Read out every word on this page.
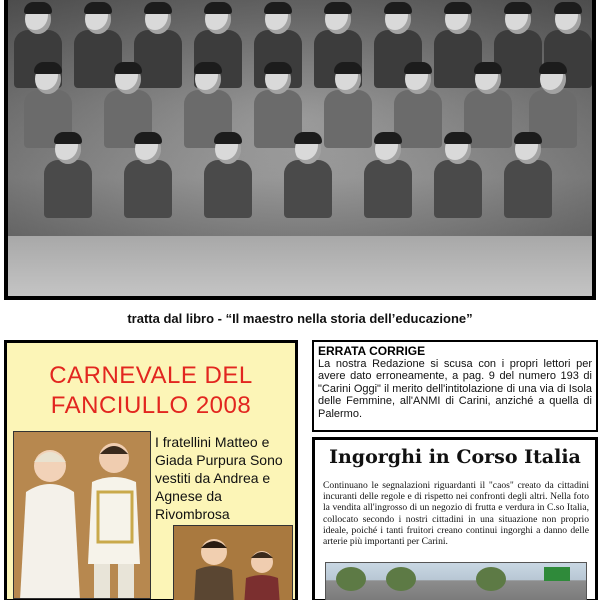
tratta dal libro - “Il maestro nella storia dell’educazione”
CARNEVALE DEL
FANCIULLO 2008
I fratellini Matteo e Giada Purpura Sono vestiti da Andrea e Agnese da Rivombrosa
ERRATA CORRIGE

La nostra Redazione si scusa con i propri lettori per avere dato erroneamente, a pag. 9 del numero 193 di "Carini Oggi" il merito dell'intitolazione di una via di Isola delle Femmine, all'ANMI di Carini, anziché a quella di Palermo.

Ingorghi in Corso Italia
Continuano le segnalazioni riguardanti il "caos" creato da cittadini incuranti delle regole e di rispetto nei confronti degli altri. Nella foto la vendita all'ingrosso di un negozio di frutta e verdura in C.so Italia, collocato secondo i nostri cittadini in una situazione non proprio ideale, poiché i tanti fruitori creano continui ingorghi a danno delle arterie più importanti per Carini.
